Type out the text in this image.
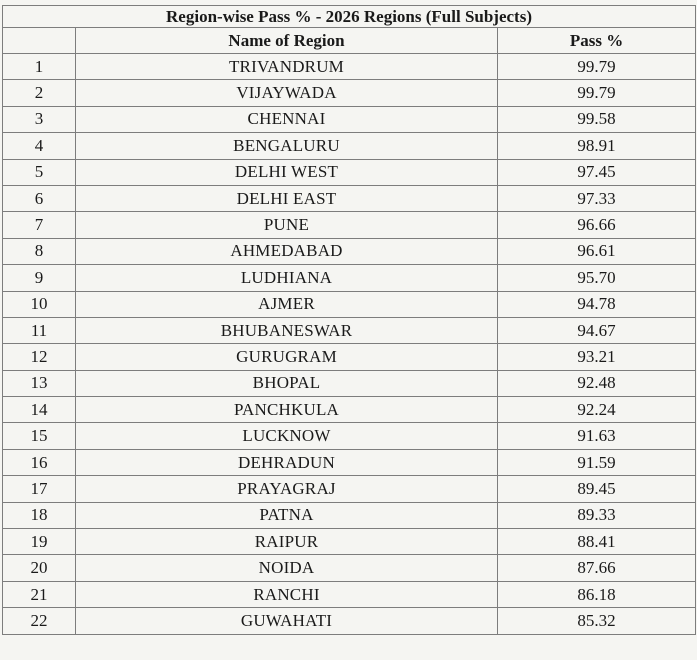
Region-wise Pass % - 2026 Regions (Full Subjects)		
	Name of Region	Pass %
1	TRIVANDRUM	99.79
2	VIJAYWADA	99.79
3	CHENNAI	99.58
4	BENGALURU	98.91
5	DELHI WEST	97.45
6	DELHI EAST	97.33
7	PUNE	96.66
8	AHMEDABAD	96.61
9	LUDHIANA	95.70
10	AJMER	94.78
11	BHUBANESWAR	94.67
12	GURUGRAM	93.21
13	BHOPAL	92.48
14	PANCHKULA	92.24
15	LUCKNOW	91.63
16	DEHRADUN	91.59
17	PRAYAGRAJ	89.45
18	PATNA	89.33
19	RAIPUR	88.41
20	NOIDA	87.66
21	RANCHI	86.18
22	GUWAHATI	85.32
